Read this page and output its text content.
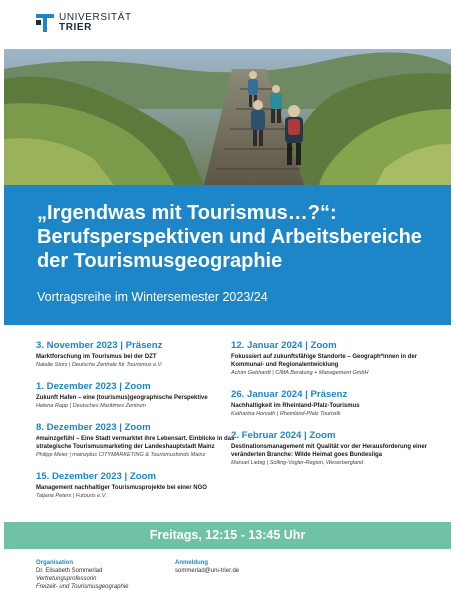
UNIVERSITÄT
TRIER
„Irgendwas mit Tourismus…?“: Berufsperspektiven und Arbeitsbereiche der Tourismusgeographie
Vortragsreihe im Wintersemester 2023/24
3. November 2023 | Präsenz
Marktforschung im Tourismus bei der DZT
Natalie Stors | Deutsche Zentrale für Tourismus e.V.
1. Dezember 2023 | Zoom
Zukunft Hafen – eine (tourismus)geographische Perspektive
Helena Rapp | Deutsches Maritimes Zentrum
8. Dezember 2023 | Zoom
#mainzgefühl – Eine Stadt vermarktet ihre Lebensart. Einblicke in das strategische Tourismusmarketing der Landeshauptstadt Mainz
Philipp Meier | mainzplus CITYMARKETING & Tourismusfonds Mainz
15. Dezember 2023 | Zoom
Management nachhaltiger Tourismusprojekte bei einer NGO
Tatjana Peters | Futouris e.V.
12. Januar 2024 | Zoom
Fokussiert auf zukunftsfähige Standorte – Geograph*innen in der Kommunal- und Regionalentwicklung
Achim Gebhardt | CIMA Beratung + Management GmbH
26. Januar 2024 | Präsenz
Nachhaltigkeit im Rheinland-Pfalz-Tourismus
Katharina Horvath | Rheinland-Pfalz Touristik
2. Februar 2024 | Zoom
Destinationsmanagement mit Qualität vor der Herausforderung einer veränderten Branche: Wilde Heimat goes Bundesliga
Manuel Liebig | Solling-Vogler-Region, Weserbergland
Freitags, 12:15 - 13:45 Uhr
Organisation
Dr. Elisabeth Sommerlad
Vertretungsprofessorin
Freizeit- und Tourismusgeographie
Anmeldung
sommerlad@uni-trier.de
